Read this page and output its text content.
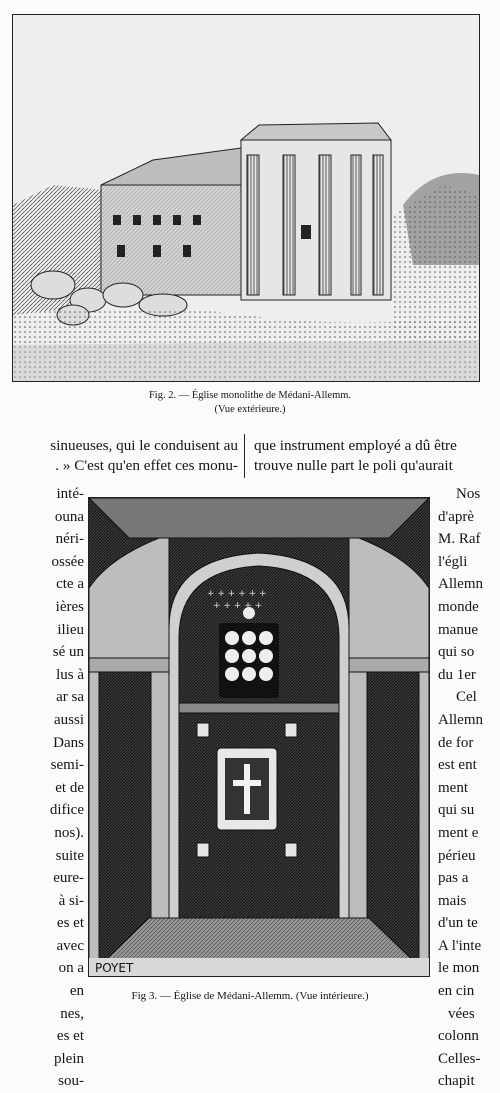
Fig. 2. — Église monolithe de Médani-Allemm.
(Vue extérieure.)
sinueuses, qui le conduisent au
. » C'est qu'en effet ces monu-
que instrument employé a dû être
trouve nulle part le poli qu'aurait
+ + + + + +
+ + + + +
POYET
Fig 3. — Église de Médani-Allemm. (Vue intérieure.)
inté-
ouna
néri-
ossée
cte a
ières
ilieu
sé un
lus à
ar sa
aussi
Dans
semi-
et de
difice
nos).
suite
eure-
à si-
es et
avec
on a
en
nes,
es et
plein
sou-
Nos
d'aprè
M. Raf
l'égli
Allemn
monde
manue
qui so
du 1er
Cel
Allemn
de for
est ent
ment
qui su
ment e
périeu
pas a
mais
d'un te
A l'inte
le mon
en cin
vées
colonn
Celles-
chapit
